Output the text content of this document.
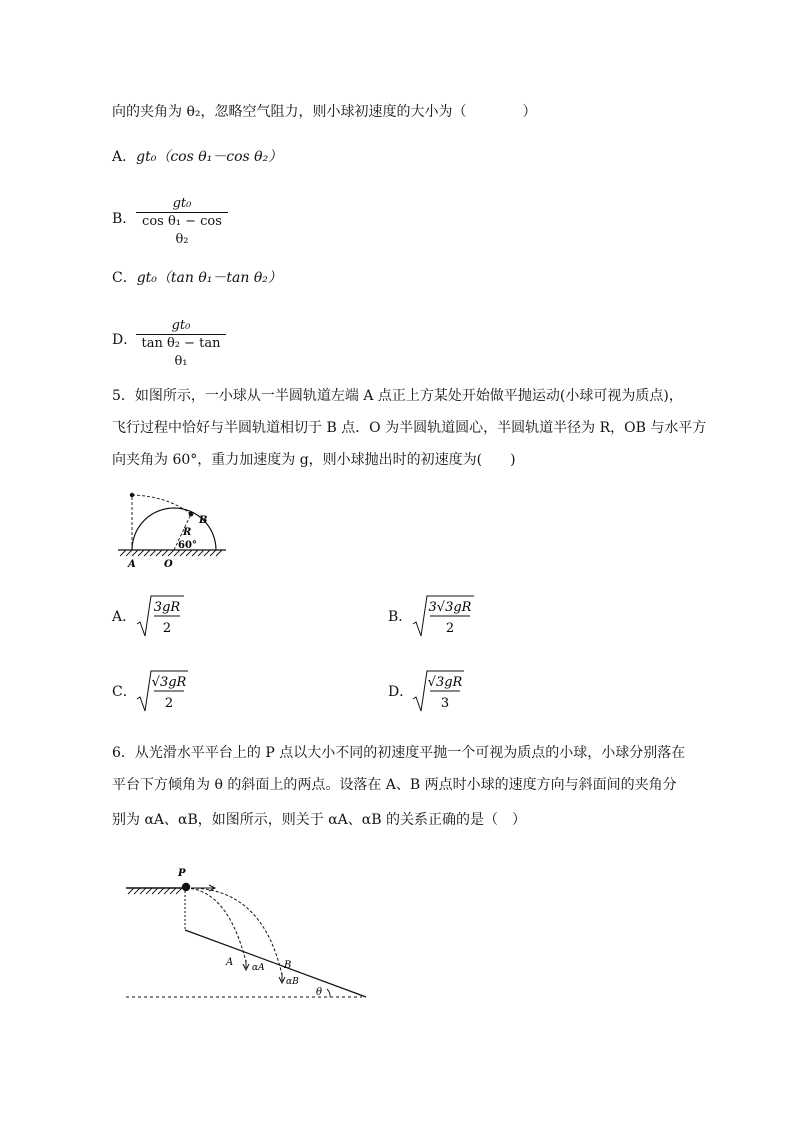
向的夹角为 θ₂，忽略空气阻力，则小球初速度的大小为（　　　　）
A．gt₀（cos θ₁－cos θ₂）
B．
gt₀
cos θ₁ − cos θ₂
C．gt₀（tan θ₁－tan θ₂）
D．
gt₀
tan θ₂ − tan θ₁
5．如图所示，一小球从一半圆轨道左端 A 点正上方某处开始做平抛运动(小球可视为质点)，
飞行过程中恰好与半圆轨道相切于 B 点．O 为半圆轨道圆心，半圆轨道半径为 R，OB 与水平方
向夹角为 60°，重力加速度为 g，则小球抛出时的初速度为(　　)
B
R
60°
A	O
A．
3gR
2
B．
3√3gR
2
C．
√3gR
2
D．
√3gR
3
6．从光滑水平平台上的 P 点以大小不同的初速度平抛一个可视为质点的小球，小球分别落在
平台下方倾角为 θ 的斜面上的两点。设落在 A、B 两点时小球的速度方向与斜面间的夹角分
别为 αA、αB，如图所示，则关于 αA、αB 的关系正确的是（　）
P
A αA B
αB
θ
